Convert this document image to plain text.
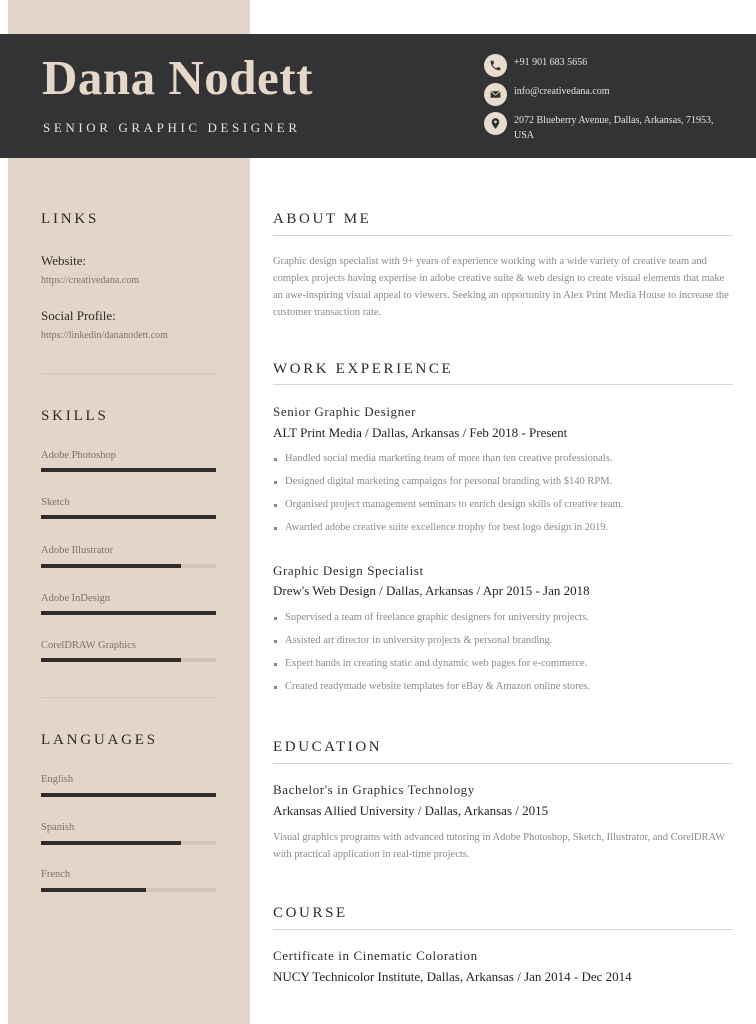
Dana Nodett
SENIOR GRAPHIC DESIGNER
+91 901 683 5656
info@creativedana.com
2072 Blueberry Avenue, Dallas, Arkansas, 71953, USA
LINKS
Website:
https://creativedana.com
Social Profile:
https://linkedin/dananodett.com
SKILLS
Adobe Photoshop
Sketch
Adobe Illustrator
Adobe InDesign
CorelDRAW Graphics
LANGUAGES
English
Spanish
French
ABOUT ME
Graphic design specialist with 9+ years of experience working with a wide variety of creative team and complex projects having expertise in adobe creative suite & web design to create visual elements that make an awe-inspiring visual appeal to viewers. Seeking an opportunity in Alex Print Media House to increase the customer transaction rate.
WORK EXPERIENCE
Senior Graphic Designer
ALT Print Media / Dallas, Arkansas / Feb 2018 - Present
Handled social media marketing team of more than ten creative professionals.
Designed digital marketing campaigns for personal branding with $140 RPM.
Organised project management seminars to enrich design skills of creative team.
Awarded adobe creative suite excellence trophy for best logo design in 2019.
Graphic Design Specialist
Drew's Web Design / Dallas, Arkansas / Apr 2015 - Jan 2018
Supervised a team of freelance graphic designers for university projects.
Assisted art director in university projects & personal branding.
Expert hands in creating static and dynamic web pages for e-commerce.
Created readymade website templates for eBay & Amazon online stores.
EDUCATION
Bachelor's in Graphics Technology
Arkansas Allied University / Dallas, Arkansas / 2015
Visual graphics programs with advanced tutoring in Adobe Photoshop, Sketch, Illustrator, and CorelDRAW with practical application in real-time projects.
COURSE
Certificate in Cinematic Coloration
NUCY Technicolor Institute, Dallas, Arkansas / Jan 2014 - Dec 2014
